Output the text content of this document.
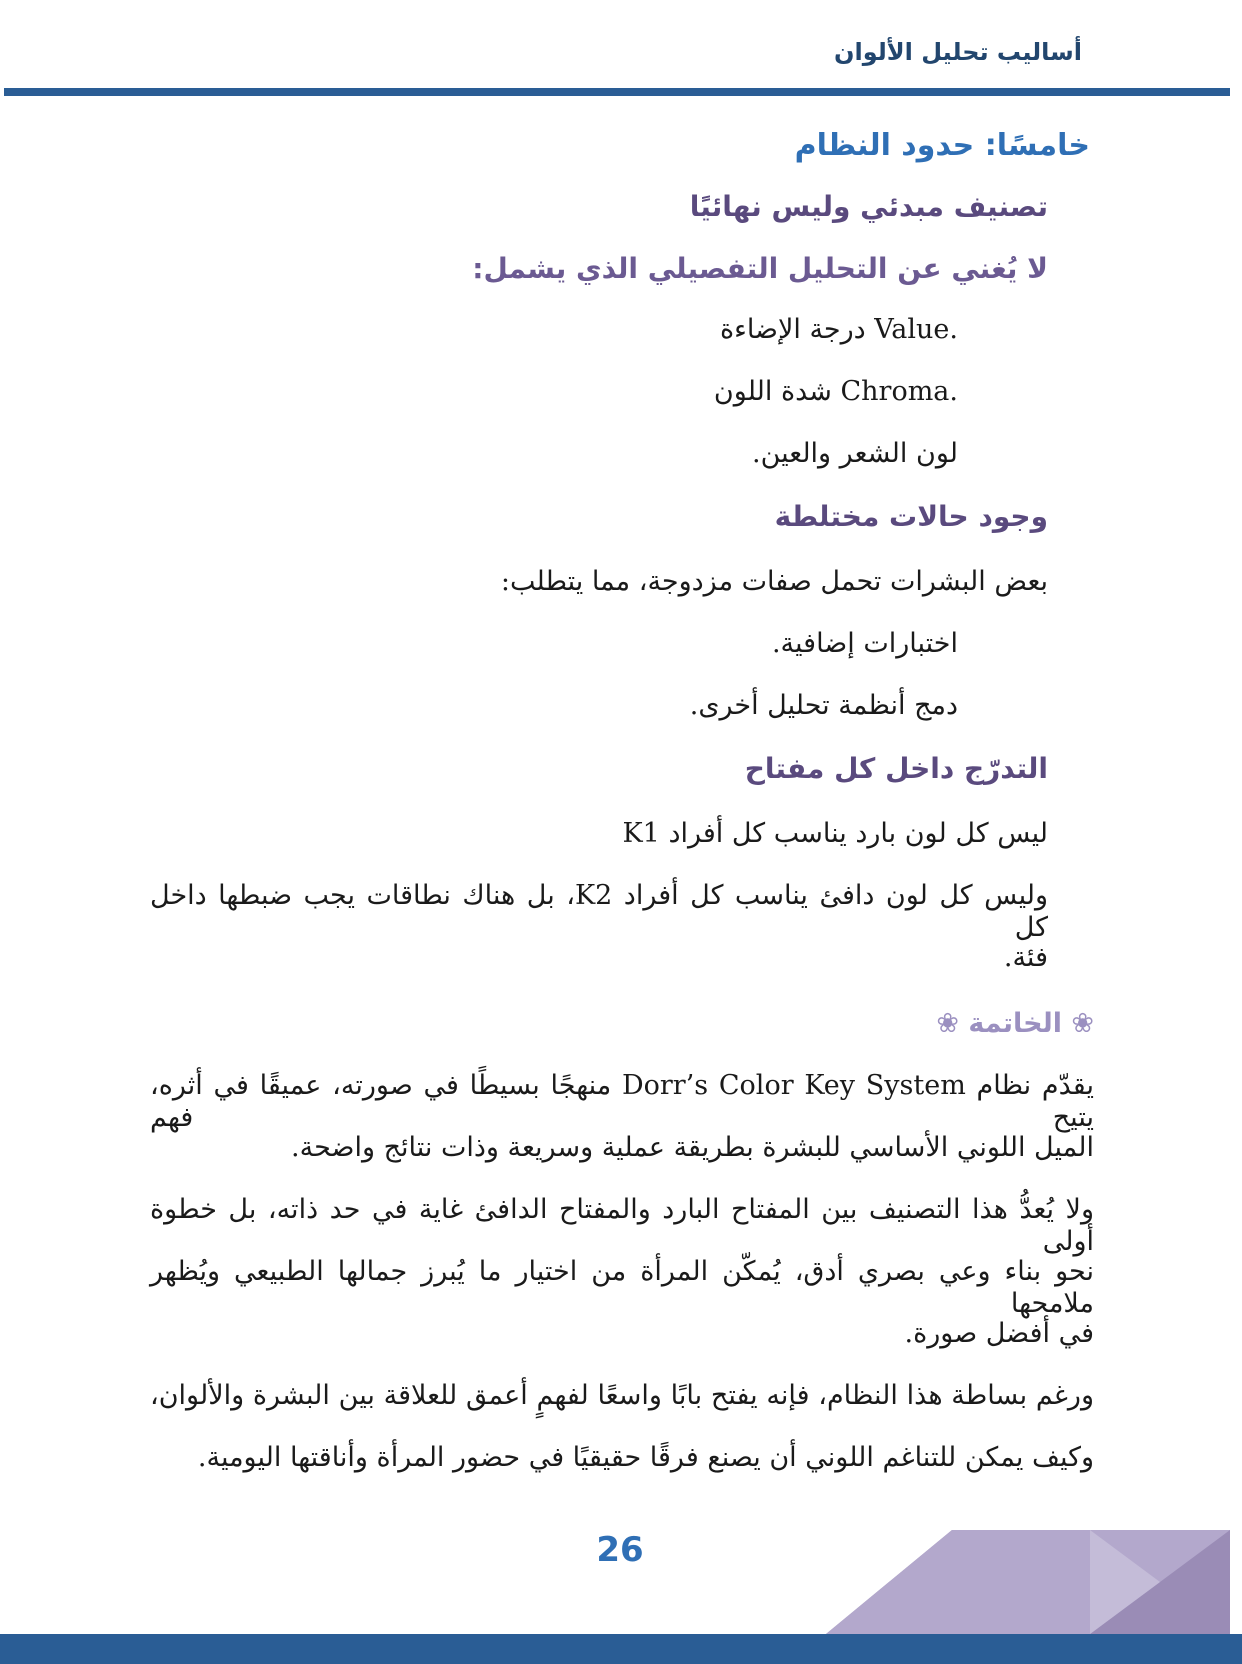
أساليب تحليل الألوان
خامسًا: حدود النظام
تصنيف مبدئي وليس نهائيًا
لا يُغني عن التحليل التفصيلي الذي يشمل:
.Value درجة الإضاءة
.Chroma شدة اللون
لون الشعر والعين.
وجود حالات مختلطة
بعض البشرات تحمل صفات مزدوجة، مما يتطلب:
اختبارات إضافية.
دمج أنظمة تحليل أخرى.
التدرّج داخل كل مفتاح
ليس كل لون بارد يناسب كل أفراد K1
وليس كل لون دافئ يناسب كل أفراد K2، بل هناك نطاقات يجب ضبطها داخل كل
فئة.
❀ الخاتمة ❀
يقدّم نظام Dorr’s Color Key System منهجًا بسيطًا في صورته، عميقًا في أثره، يتيح فهم
الميل اللوني الأساسي للبشرة بطريقة عملية وسريعة وذات نتائج واضحة.
ولا يُعدُّ هذا التصنيف بين المفتاح البارد والمفتاح الدافئ غاية في حد ذاته، بل خطوة أولى
نحو بناء وعي بصري أدق، يُمكّن المرأة من اختيار ما يُبرز جمالها الطبيعي ويُظهر ملامحها
في أفضل صورة.
ورغم بساطة هذا النظام، فإنه يفتح بابًا واسعًا لفهمٍ أعمق للعلاقة بين البشرة والألوان،
وكيف يمكن للتناغم اللوني أن يصنع فرقًا حقيقيًا في حضور المرأة وأناقتها اليومية.
26
